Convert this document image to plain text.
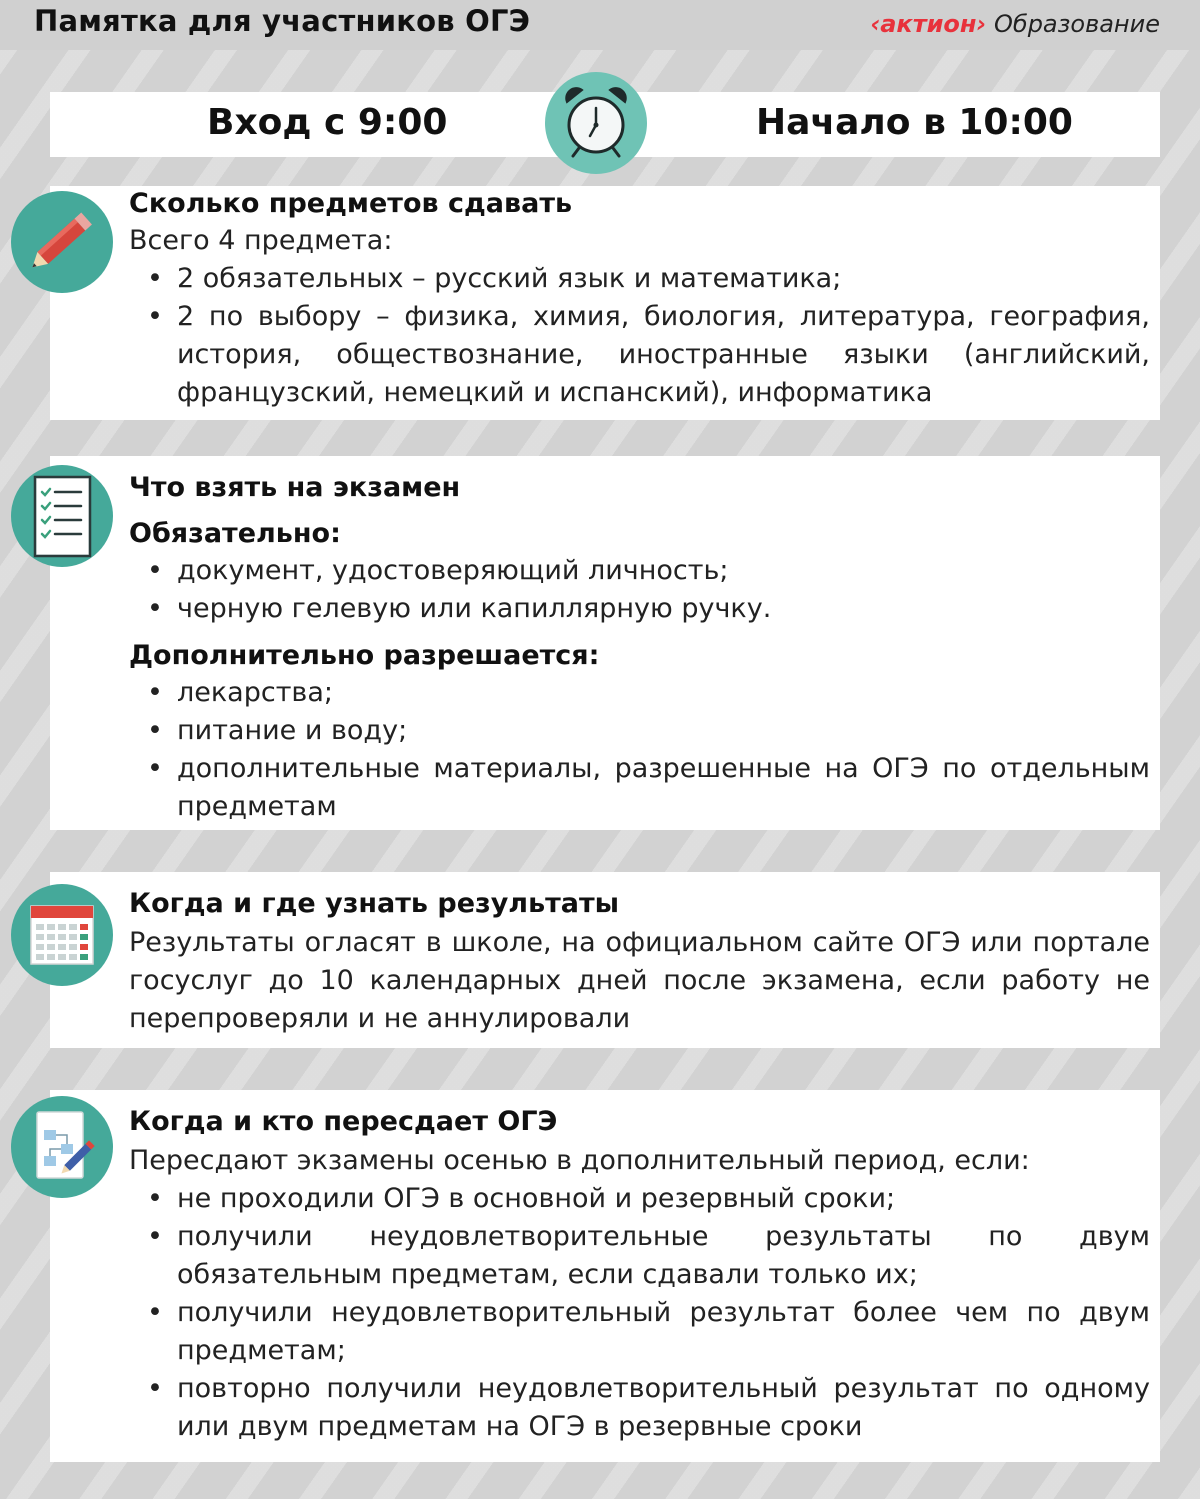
Памятка для участников ОГЭ	‹актион› Образование
Вход с 9:00	Начало в 10:00
Сколько предметов сдавать
Всего 4 предмета:
• 2 обязательных – русский язык и математика;
• 2 по выбору – физика, химия, биология, литература, география, история, обществознание, иностранные языки (английский, французский, немецкий и испанский), информатика
Что взять на экзамен
Обязательно:
• документ, удостоверяющий личность;
• черную гелевую или капиллярную ручку.
Дополнительно разрешается:
• лекарства;
• питание и воду;
• дополнительные материалы, разрешенные на ОГЭ по отдельным предметам
Когда и где узнать результаты
Результаты огласят в школе, на официальном сайте ОГЭ или портале госуслуг до 10 календарных дней после экзамена, если работу не перепроверяли и не аннулировали
Когда и кто пересдает ОГЭ
Пересдают экзамены осенью в дополнительный период, если:
• не проходили ОГЭ в основной и резервный сроки;
• получили неудовлетворительные результаты по двум обязательным предметам, если сдавали только их;
• получили неудовлетворительный результат более чем по двум предметам;
• повторно получили неудовлетворительный результат по одному или двум предметам на ОГЭ в резервные сроки
